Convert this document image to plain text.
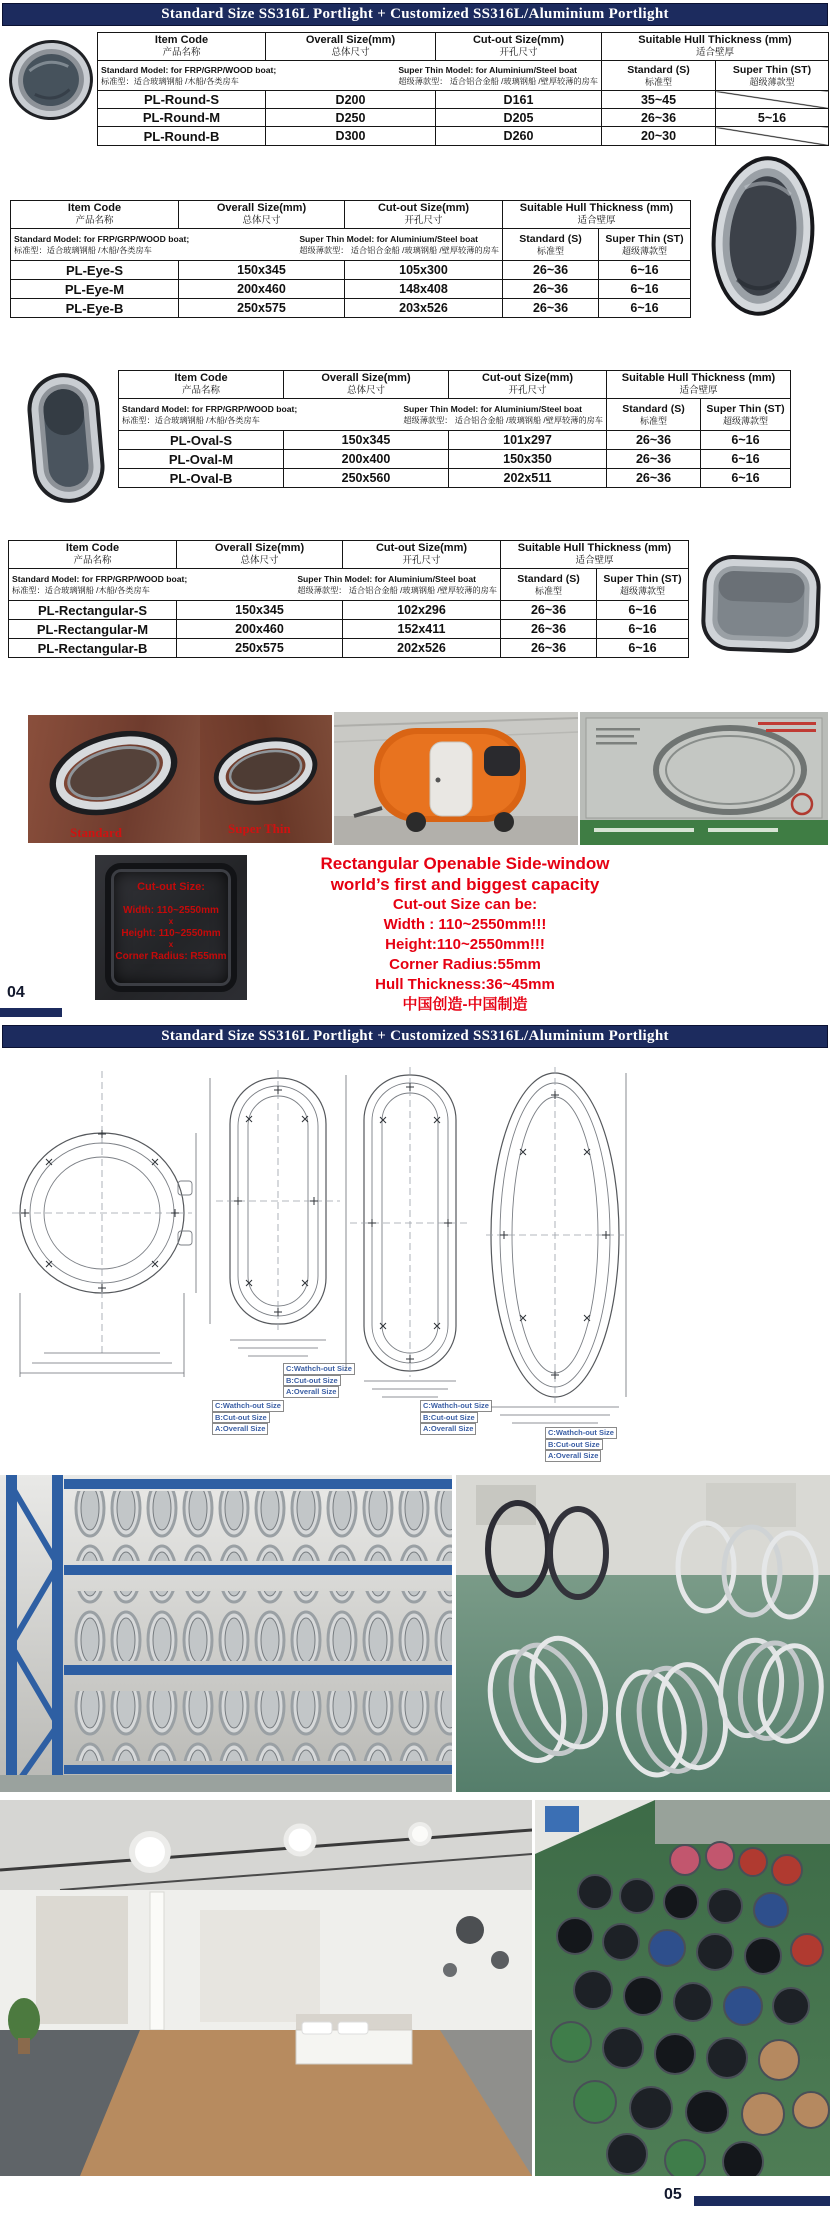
Standard Size SS316L Portlight + Customized SS316L/Aluminium Portlight
Item Code
产品名称

Overall Size(mm)
总体尺寸

Cut-out Size(mm)
开孔尺寸

Suitable Hull Thickness (mm)
适合壁厚

Standard Model: for FRP/GRP/WOOD boat;
标准型：适合玻璃钢船 /木船/各类房车
Super Thin Model: for Aluminium/Steel boat
超级薄款型： 适合铝合金船 /玻璃钢船 /壁厚较薄的房车

Standard (S)
标准型

Super Thin (ST)
超级薄款型

PL-Round-S	D200	D161	35~45	
PL-Round-M	D250	D205	26~36	5~16
PL-Round-B	D300	D260	20~30	
Item Code
产品名称

Overall Size(mm)
总体尺寸

Cut-out Size(mm)
开孔尺寸

Suitable Hull Thickness (mm)
适合壁厚

Standard Model: for FRP/GRP/WOOD boat;
标准型：适合玻璃钢船 /木船/各类房车
Super Thin Model: for Aluminium/Steel boat
超级薄款型： 适合铝合金船 /玻璃钢船 /壁厚较薄的房车

Standard (S)
标准型

Super Thin (ST)
超级薄款型

PL-Eye-S	150x345	105x300	26~36	6~16
PL-Eye-M	200x460	148x408	26~36	6~16
PL-Eye-B	250x575	203x526	26~36	6~16
Item Code
产品名称

Overall Size(mm)
总体尺寸

Cut-out Size(mm)
开孔尺寸

Suitable Hull Thickness (mm)
适合壁厚

Standard Model: for FRP/GRP/WOOD boat;
标准型：适合玻璃钢船 /木船/各类房车
Super Thin Model: for Aluminium/Steel boat
超级薄款型： 适合铝合金船 /玻璃钢船 /壁厚较薄的房车

Standard (S)
标准型

Super Thin (ST)
超级薄款型

PL-Oval-S	150x345	101x297	26~36	6~16
PL-Oval-M	200x400	150x350	26~36	6~16
PL-Oval-B	250x560	202x511	26~36	6~16
Item Code
产品名称

Overall Size(mm)
总体尺寸

Cut-out Size(mm)
开孔尺寸

Suitable Hull Thickness (mm)
适合壁厚

Standard Model: for FRP/GRP/WOOD boat;
标准型：适合玻璃钢船 /木船/各类房车
Super Thin Model: for Aluminium/Steel boat
超级薄款型： 适合铝合金船 /玻璃钢船 /壁厚较薄的房车

Standard (S)
标准型

Super Thin (ST)
超级薄款型

PL-Rectangular-S	150x345	102x296	26~36	6~16
PL-Rectangular-M	200x460	152x411	26~36	6~16
PL-Rectangular-B	250x575	202x526	26~36	6~16
Standard	Super Thin
Cut-out Size:
Width: 110~2550mm
x
Height: 110~2550mm
x
Corner Radius: R55mm
Rectangular Openable Side-window
world’s first and biggest capacity
Cut-out Size can be:
Width : 110~2550mm!!!
Height:110~2550mm!!!
Corner Radius:55mm
Hull Thickness:36~45mm
中国创造-中国制造
04
Standard Size SS316L Portlight + Customized SS316L/Aluminium Portlight
C:Wathch-out Size
B:Cut-out Size
A:Overall Size
C:Wathch-out Size
B:Cut-out Size
A:Overall Size
C:Wathch-out Size
B:Cut-out Size
A:Overall Size	C:Wathch-out Size
B:Cut-out Size
A:Overall Size
05
